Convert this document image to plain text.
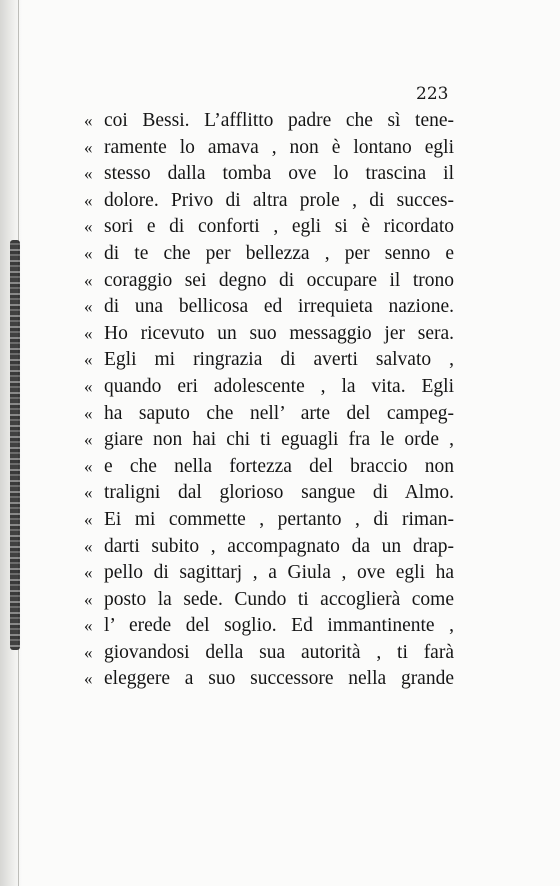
223
« coi Bessi. L’afflitto padre che sì tene-
« ramente lo amava , non è lontano egli
« stesso dalla tomba ove lo trascina il
« dolore. Privo di altra prole , di succes-
« sori e di conforti , egli si è ricordato
« di te che per bellezza , per senno e
« coraggio sei degno di occupare il trono
« di una bellicosa ed irrequieta nazione.
« Ho ricevuto un suo messaggio jer sera.
« Egli mi ringrazia di averti salvato ,
« quando eri adolescente , la vita. Egli
« ha saputo che nell’ arte del campeg-
« giare non hai chi ti eguagli fra le orde ,
« e che nella fortezza del braccio non
« traligni dal glorioso sangue di Almo.
« Ei mi commette , pertanto , di riman-
« darti subito , accompagnato da un drap-
« pello di sagittarj , a Giula , ove egli ha
« posto la sede. Cundo ti accoglierà come
« l’ erede del soglio. Ed immantinente ,
« giovandosi della sua autorità , ti farà
« eleggere a suo successore nella grande
